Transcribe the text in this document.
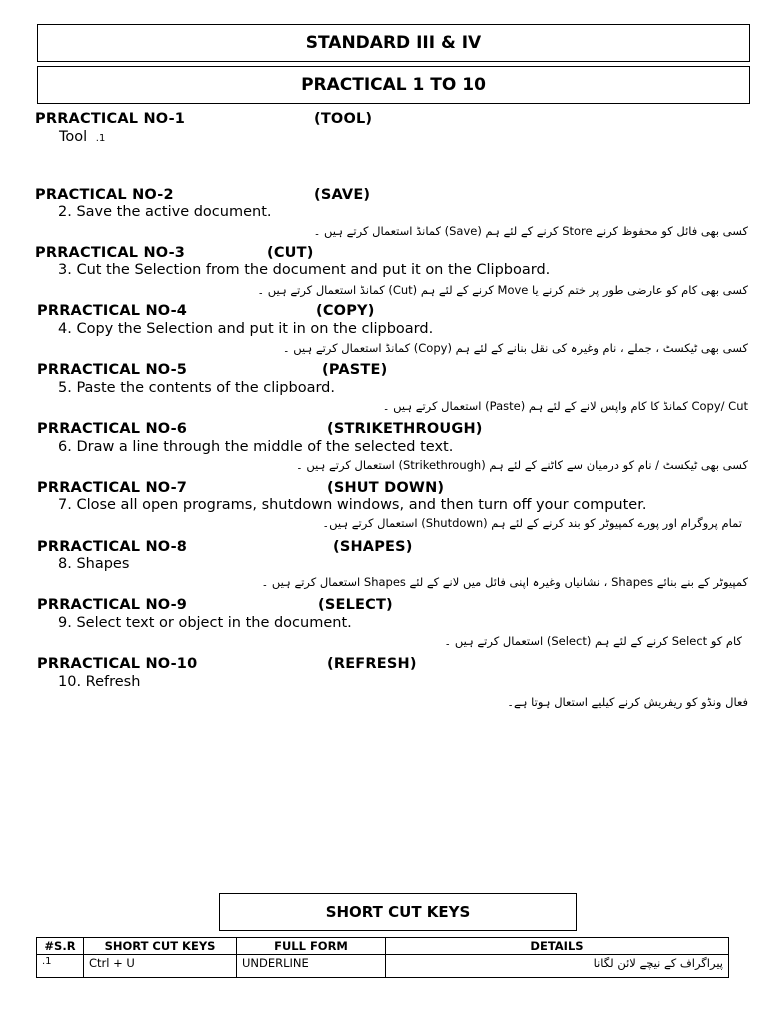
STANDARD III & IV
PRACTICAL 1 TO 10
PRRACTICAL NO-1	(TOOL)
Tool .1
PRACTICAL NO-2	(SAVE)
2. Save the active document.
کسی بھی فائل کو محفوظ کرنے Store کرنے کے لئے ہم (Save) کمانڈ استعمال کرتے ہیں ۔
PRRACTICAL NO-3	(CUT)
3. Cut the Selection from the document and put it on the Clipboard.
کسی بھی کام کو عارضی طور پر ختم کرنے یا Move کرنے کے لئے ہم (Cut) کمانڈ استعمال کرتے ہیں ۔
PRRACTICAL NO-4	(COPY)
4. Copy the Selection and put it in on the clipboard.
کسی بھی ٹیکسٹ ، جملے ، نام وغیرہ کی نقل بنانے کے لئے ہم (Copy) کمانڈ استعمال کرتے ہیں ۔
PRRACTICAL NO-5	(PASTE)
5. Paste the contents of the clipboard.
Copy/ Cut کمانڈ کا کام واپس لانے کے لئے ہم (Paste) استعمال کرتے ہیں ۔
PRRACTICAL NO-6	(STRIKETHROUGH)
6. Draw a line through the middle of the selected text.
کسی بھی ٹیکسٹ / نام کو درمیان سے کاٹنے کے لئے ہم (Strikethrough) استعمال کرتے ہیں ۔
PRRACTICAL NO-7	(SHUT DOWN)
7. Close all open programs, shutdown windows, and then turn off your computer.
تمام پروگرام اور پورے کمپیوٹر کو بند کرنے کے لئے ہم (Shutdown) استعمال کرتے ہیں۔
PRRACTICAL NO-8	(SHAPES)
8. Shapes
کمپیوٹر کے بنے بنائے Shapes ، نشانیاں وغیرہ اپنی فائل میں لانے کے لئے Shapes استعمال کرتے ہیں ۔
PRRACTICAL NO-9	(SELECT)
9. Select text or object in the document.
کام کو Select کرنے کے لئے ہم (Select) استعمال کرتے ہیں ۔
PRRACTICAL NO-10	(REFRESH)
10. Refresh
فعال ونڈو کو ریفریش کرنے کیلیے استعال ہوتا ہے۔
SHORT CUT KEYS
#S.R	SHORT CUT KEYS	FULL FORM	DETAILS
.1	Ctrl + U	UNDERLINE	پیراگراف کے نیچے لائن لگانا
